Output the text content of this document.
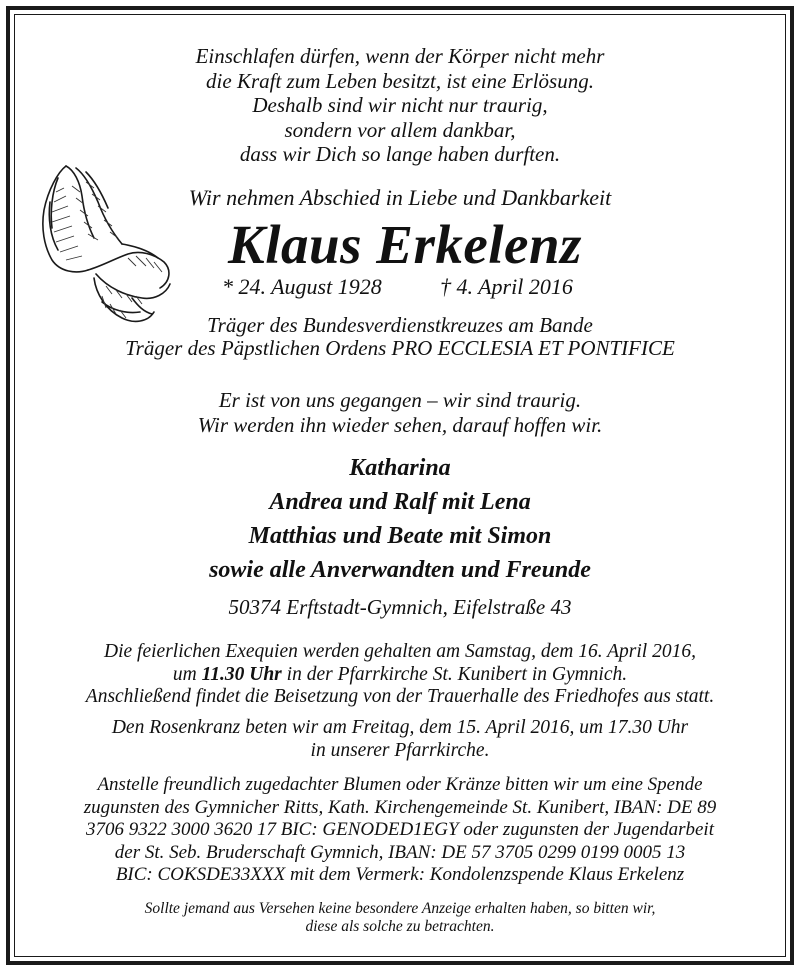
Einschlafen dürfen, wenn der Körper nicht mehr
die Kraft zum Leben besitzt, ist eine Erlösung.
Deshalb sind wir nicht nur traurig,
sondern vor allem dankbar,
dass wir Dich so lange haben durften.
Wir nehmen Abschied in Liebe und Dankbarkeit
Klaus Erkelenz
* 24. August 1928	† 4. April 2016
Träger des Bundesverdienstkreuzes am Bande
Träger des Päpstlichen Ordens PRO ECCLESIA ET PONTIFICE
Er ist von uns gegangen – wir sind traurig.
Wir werden ihn wieder sehen, darauf hoffen wir.
Katharina
Andrea und Ralf mit Lena
Matthias und Beate mit Simon
sowie alle Anverwandten und Freunde
50374 Erftstadt-Gymnich, Eifelstraße 43
Die feierlichen Exequien werden gehalten am Samstag, dem 16. April 2016,
um 11.30 Uhr in der Pfarrkirche St. Kunibert in Gymnich.
Anschließend findet die Beisetzung von der Trauerhalle des Friedhofes aus statt.
Den Rosenkranz beten wir am Freitag, dem 15. April 2016, um 17.30 Uhr
in unserer Pfarrkirche.
Anstelle freundlich zugedachter Blumen oder Kränze bitten wir um eine Spende
zugunsten des Gymnicher Ritts, Kath. Kirchengemeinde St. Kunibert, IBAN: DE 89
3706 9322 3000 3620 17 BIC: GENODED1EGY oder zugunsten der Jugendarbeit
der St. Seb. Bruderschaft Gymnich, IBAN: DE 57 3705 0299 0199 0005 13
BIC: COKSDE33XXX mit dem Vermerk: Kondolenzspende Klaus Erkelenz
Sollte jemand aus Versehen keine besondere Anzeige erhalten haben, so bitten wir,
diese als solche zu betrachten.
